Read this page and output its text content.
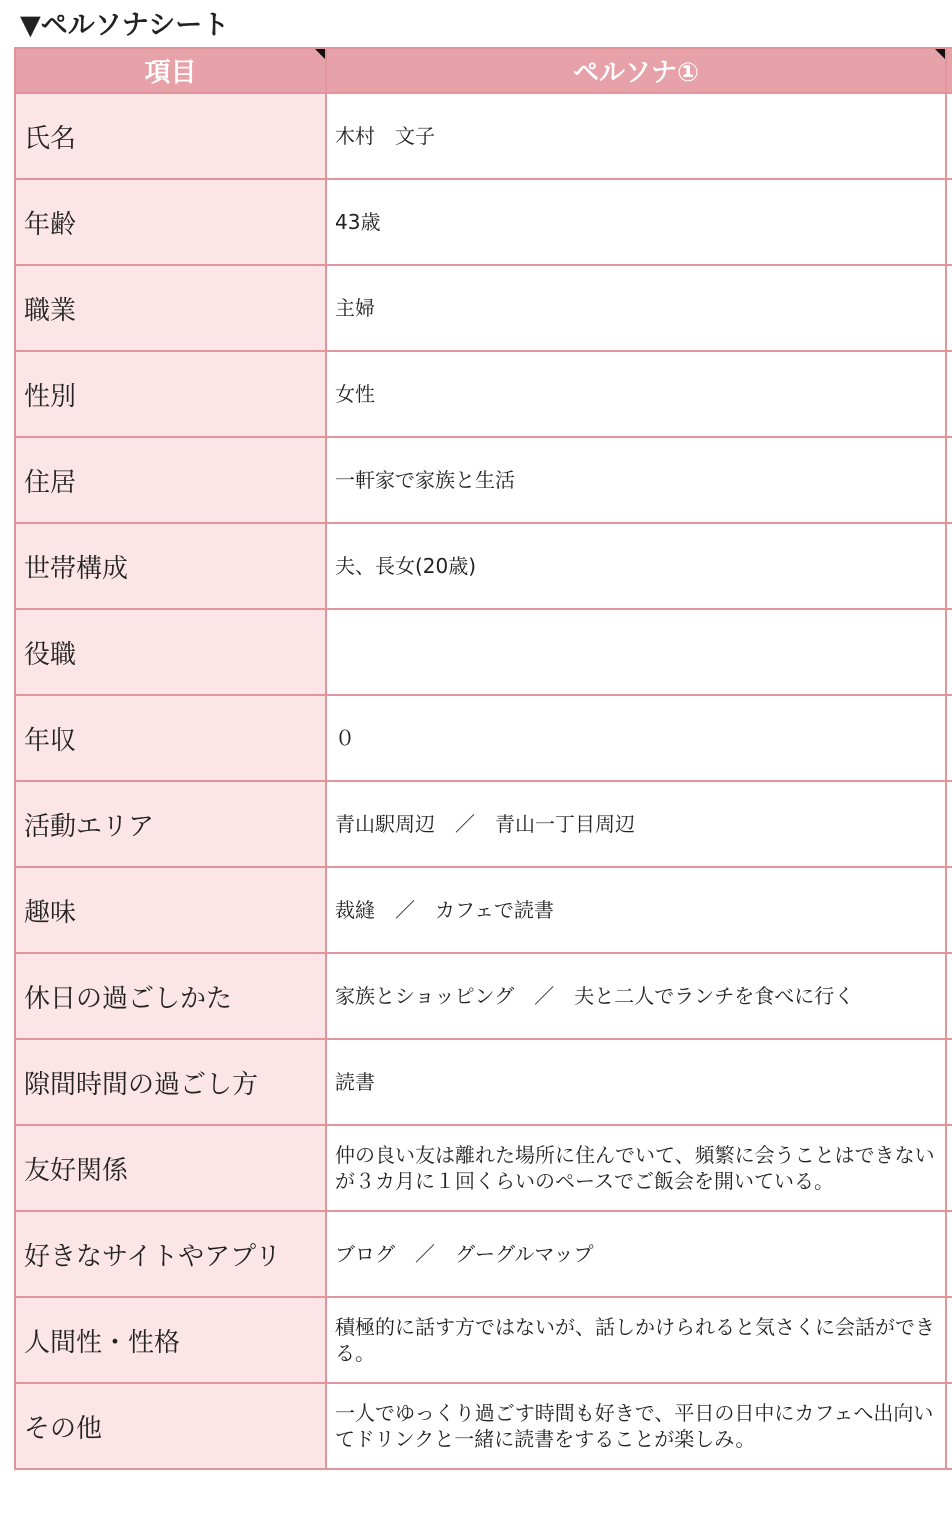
▼ペルソナシート
項目	ペルソナ①

氏名	木村　文子	
年齢	43歳	
職業	主婦	
性別	女性	
住居	一軒家で家族と生活	
世帯構成	夫、長女(20歳)	
役職		
年収	０	
活動エリア	青山駅周辺　／　青山一丁目周辺	
趣味	裁縫　／　カフェで読書	
休日の過ごしかた	家族とショッピング　／　夫と二人でランチを食べに行く	
隙間時間の過ごし方	読書	
友好関係	仲の良い友は離れた場所に住んでいて、頻繁に会うことはできないが３カ月に１回くらいのペースでご飯会を開いている。	
好きなサイトやアプリ	ブログ　／　グーグルマップ	
人間性・性格	積極的に話す方ではないが、話しかけられると気さくに会話ができる。	
その他	一人でゆっくり過ごす時間も好きで、平日の日中にカフェへ出向いてドリンクと一緒に読書をすることが楽しみ。	
